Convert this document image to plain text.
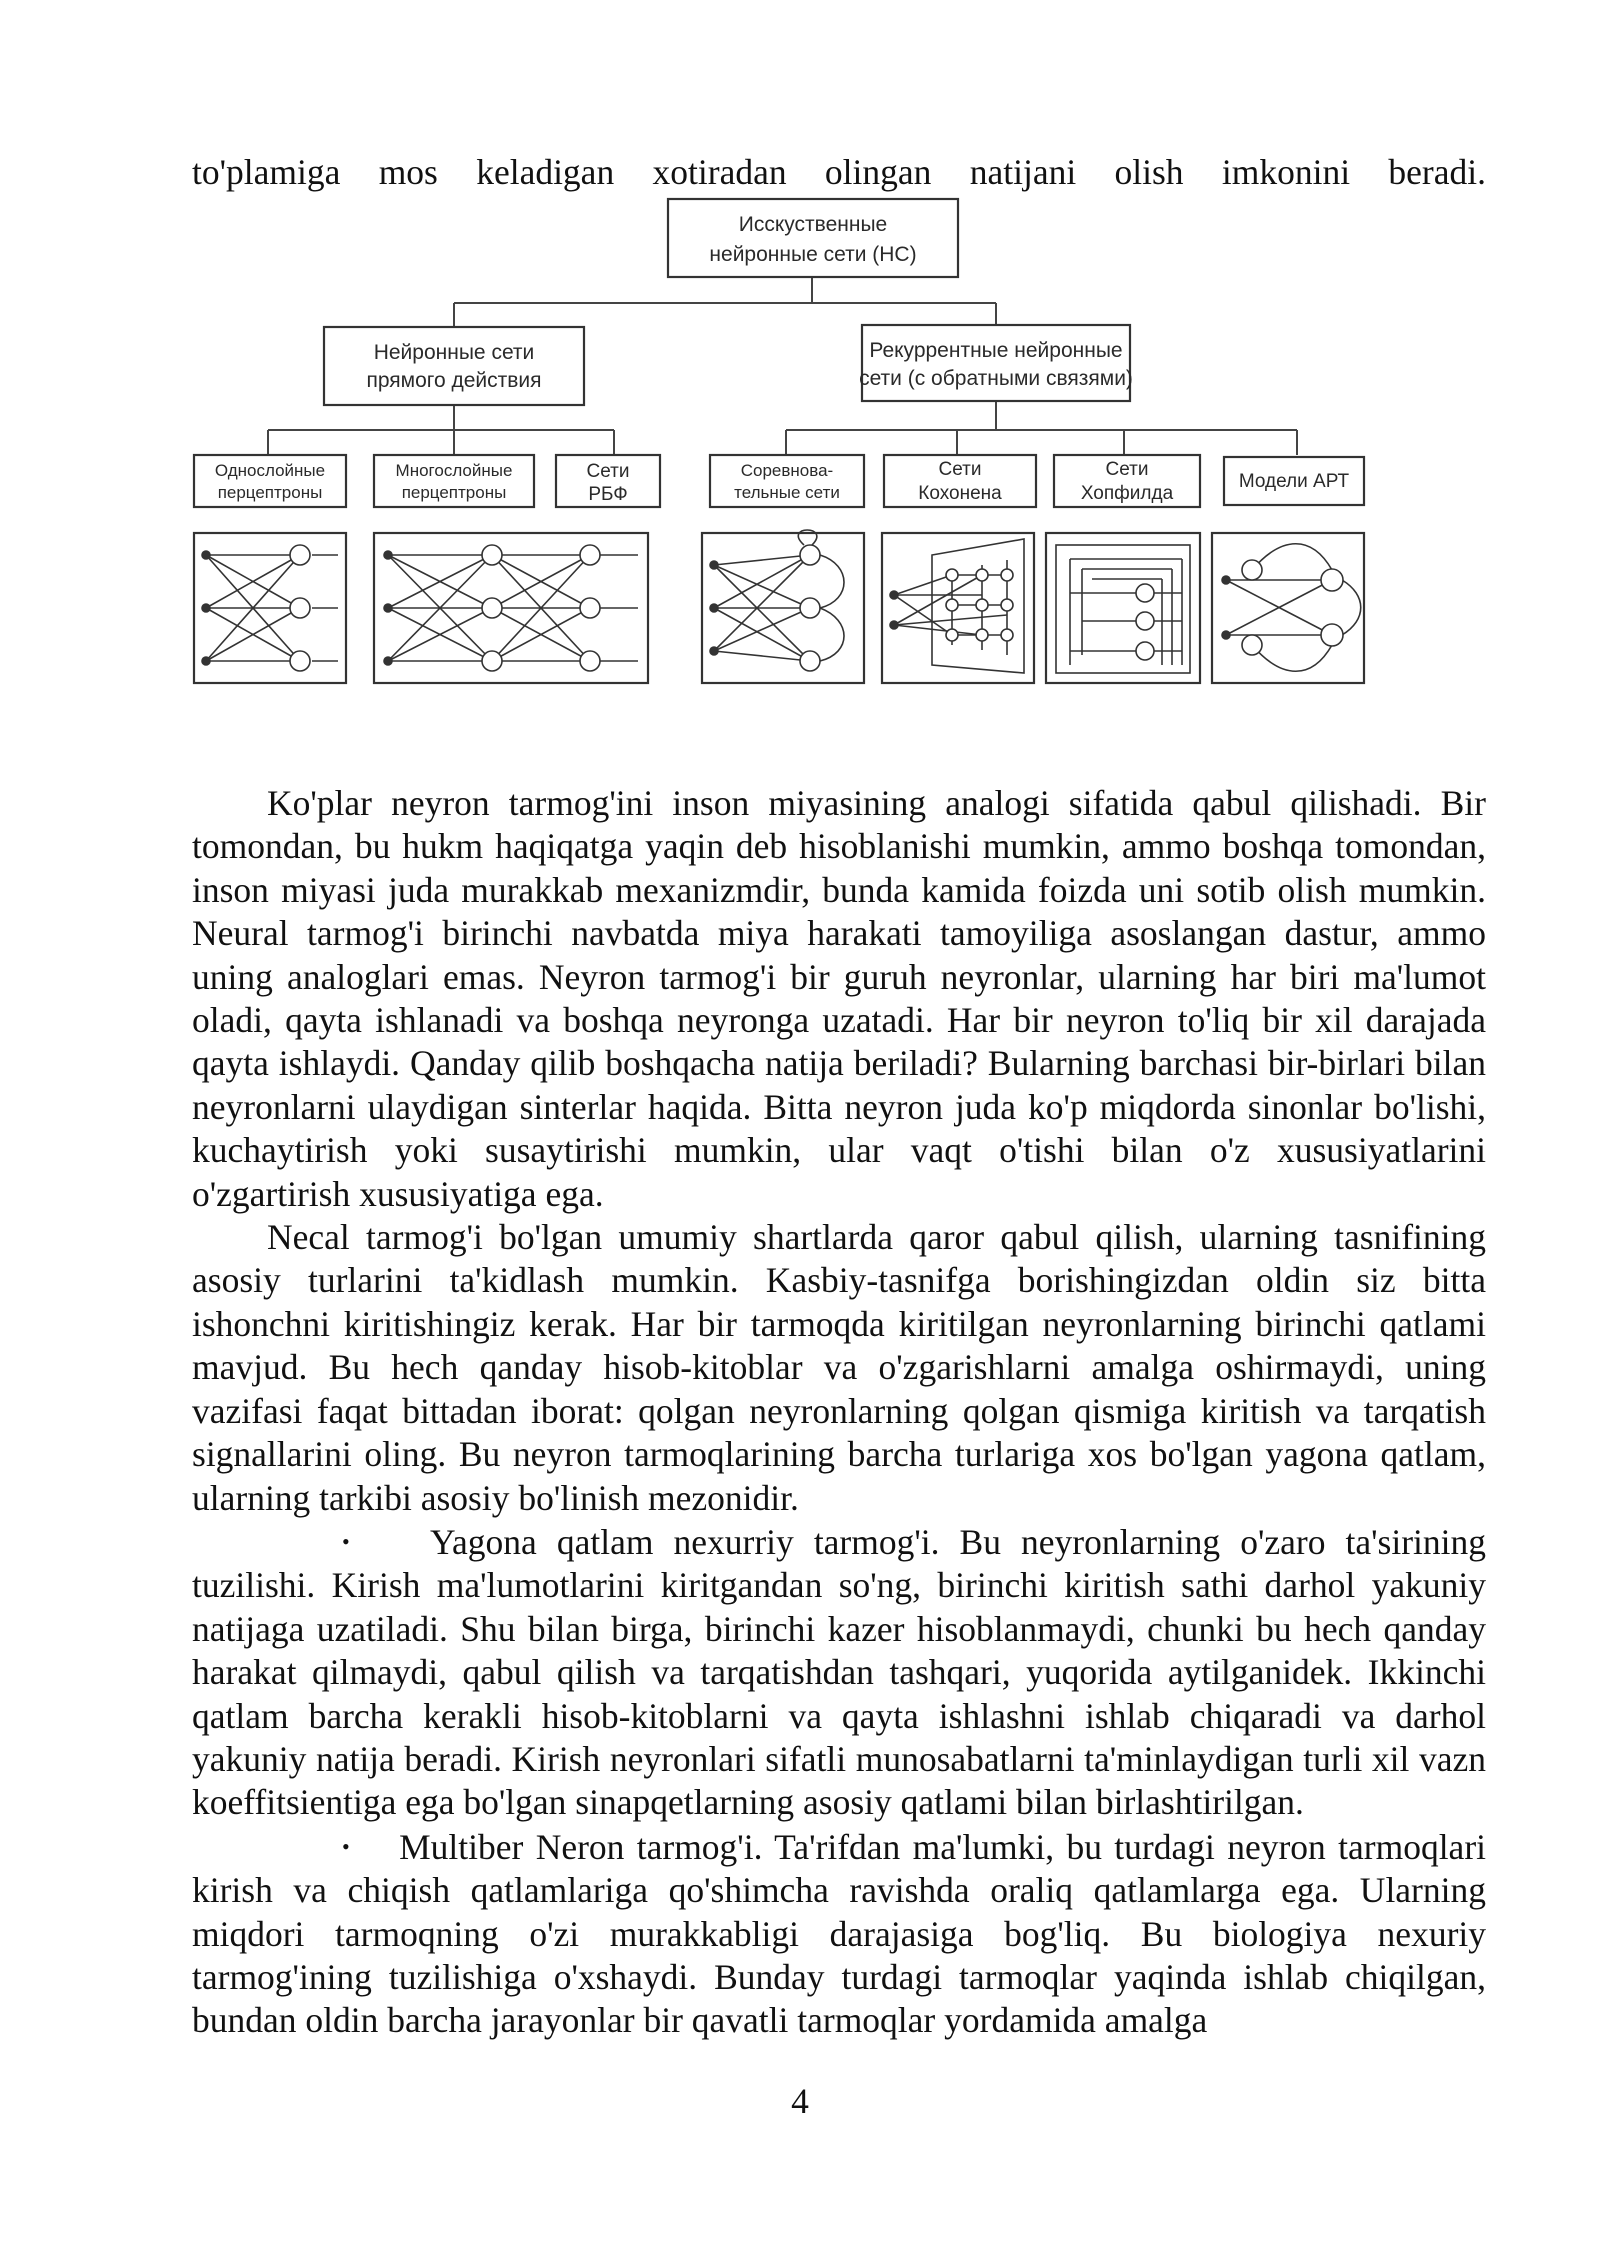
to'plamiga mos keladigan xotiradan olingan natijani olish imkonini beradi.
Исскуственные
нейронные сети (НС)
Нейронные сети
прямого действия
Рекуррентные нейронные
сети (с обратными связями)
Однослойные
перцептроны
Многослойные
перцептроны
Сети
РБФ
Соревнова-
тельные сети
Сети
Кохонена
Сети
Хопфилда
Модели АРТ

Ko'plar neyron tarmog'ini inson miyasining analogi sifatida qabul qilishadi. Bir tomondan, bu hukm haqiqatga yaqin deb hisoblanishi mumkin, ammo boshqa tomondan, inson miyasi juda murakkab mexanizmdir, bunda kamida foizda uni sotib olish mumkin. Neural tarmog'i birinchi navbatda miya harakati tamoyiliga asoslangan dastur, ammo uning analoglari emas. Neyron tarmog'i bir guruh neyronlar, ularning har biri ma'lumot oladi, qayta ishlanadi va boshqa neyronga uzatadi. Har bir neyron to'liq bir xil darajada qayta ishlaydi. Qanday qilib boshqacha natija beriladi? Bularning barchasi bir-birlari bilan neyronlarni ulaydigan sinterlar haqida. Bitta neyron juda ko'p miqdorda sinonlar bo'lishi, kuchaytirish yoki susaytirishi mumkin, ular vaqt o'tishi bilan o'z xususiyatlarini o'zgartirish xususiyatiga ega.

Necal tarmog'i bo'lgan umumiy shartlarda qaror qabul qilish, ularning tasnifining asosiy turlarini ta'kidlash mumkin. Kasbiy-tasnifga borishingizdan oldin siz bitta ishonchni kiritishingiz kerak. Har bir tarmoqda kiritilgan neyronlarning birinchi qatlami mavjud. Bu hech qanday hisob-kitoblar va o'zgarishlarni amalga oshirmaydi, uning vazifasi faqat bittadan iborat: qolgan neyronlarning qolgan qismiga kiritish va tarqatish signallarini oling. Bu neyron tarmoqlarining barcha turlariga xos bo'lgan yagona qatlam, ularning tarkibi asosiy bo'linish mezonidir.

• Yagona qatlam nexurriy tarmog'i. Bu neyronlarning o'zaro ta'sirining tuzilishi. Kirish ma'lumotlarini kiritgandan so'ng, birinchi kiritish sathi darhol yakuniy natijaga uzatiladi. Shu bilan birga, birinchi kazer hisoblanmaydi, chunki bu hech qanday harakat qilmaydi, qabul qilish va tarqatishdan tashqari, yuqorida aytilganidek. Ikkinchi qatlam barcha kerakli hisob-kitoblarni va qayta ishlashni ishlab chiqaradi va darhol yakuniy natija beradi. Kirish neyronlari sifatli munosabatlarni ta'minlaydigan turli xil vazn koeffitsientiga ega bo'lgan sinapqetlarning asosiy qatlami bilan birlashtirilgan.

• Multiber Neron tarmog'i. Ta'rifdan ma'lumki, bu turdagi neyron tarmoqlari kirish va chiqish qatlamlariga qo'shimcha ravishda oraliq qatlamlarga ega. Ularning miqdori tarmoqning o'zi murakkabligi darajasiga bog'liq. Bu biologiya nexuriy tarmog'ining tuzilishiga o'xshaydi. Bunday turdagi tarmoqlar yaqinda ishlab chiqilgan, bundan oldin barcha jarayonlar bir qavatli tarmoqlar yordamida amalga

4
